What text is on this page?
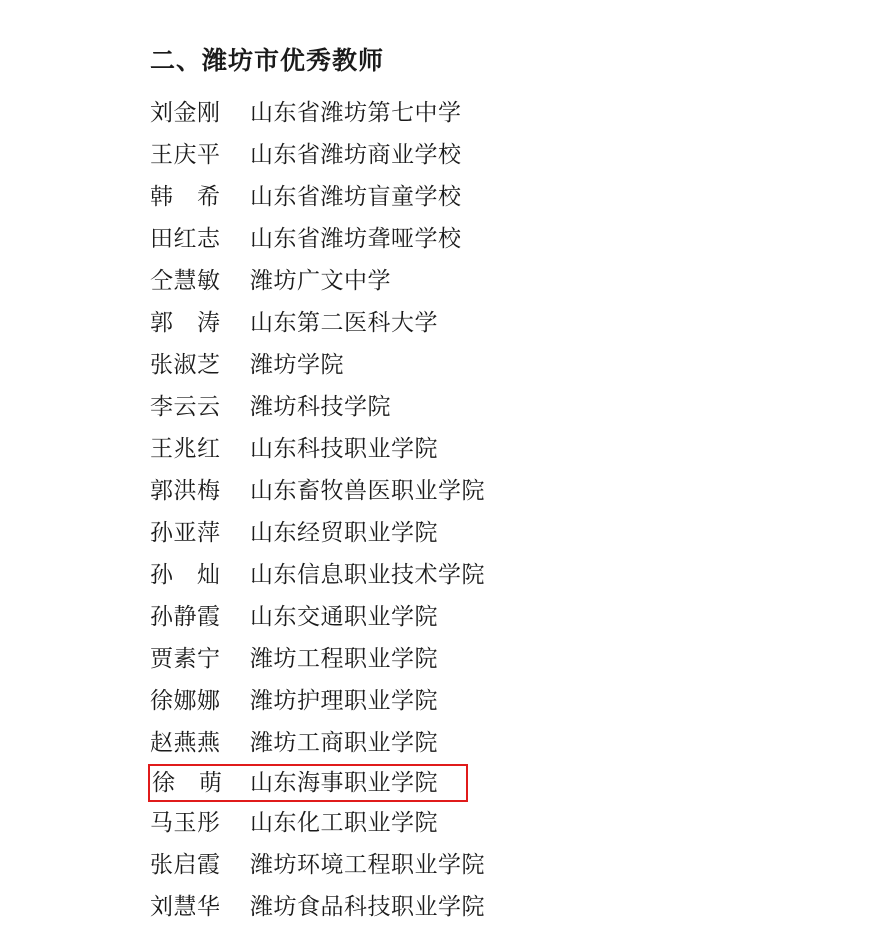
二、潍坊市优秀教师
刘金刚	山东省潍坊第七中学
王庆平	山东省潍坊商业学校
韩　希	山东省潍坊盲童学校
田红志	山东省潍坊聋哑学校
仝慧敏	潍坊广文中学
郭　涛	山东第二医科大学
张淑芝	潍坊学院
李云云	潍坊科技学院
王兆红	山东科技职业学院
郭洪梅	山东畜牧兽医职业学院
孙亚萍	山东经贸职业学院
孙　灿	山东信息职业技术学院
孙静霞	山东交通职业学院
贾素宁	潍坊工程职业学院
徐娜娜	潍坊护理职业学院
赵燕燕	潍坊工商职业学院
徐　萌	山东海事职业学院
马玉彤	山东化工职业学院
张启霞	潍坊环境工程职业学院
刘慧华	潍坊食品科技职业学院
